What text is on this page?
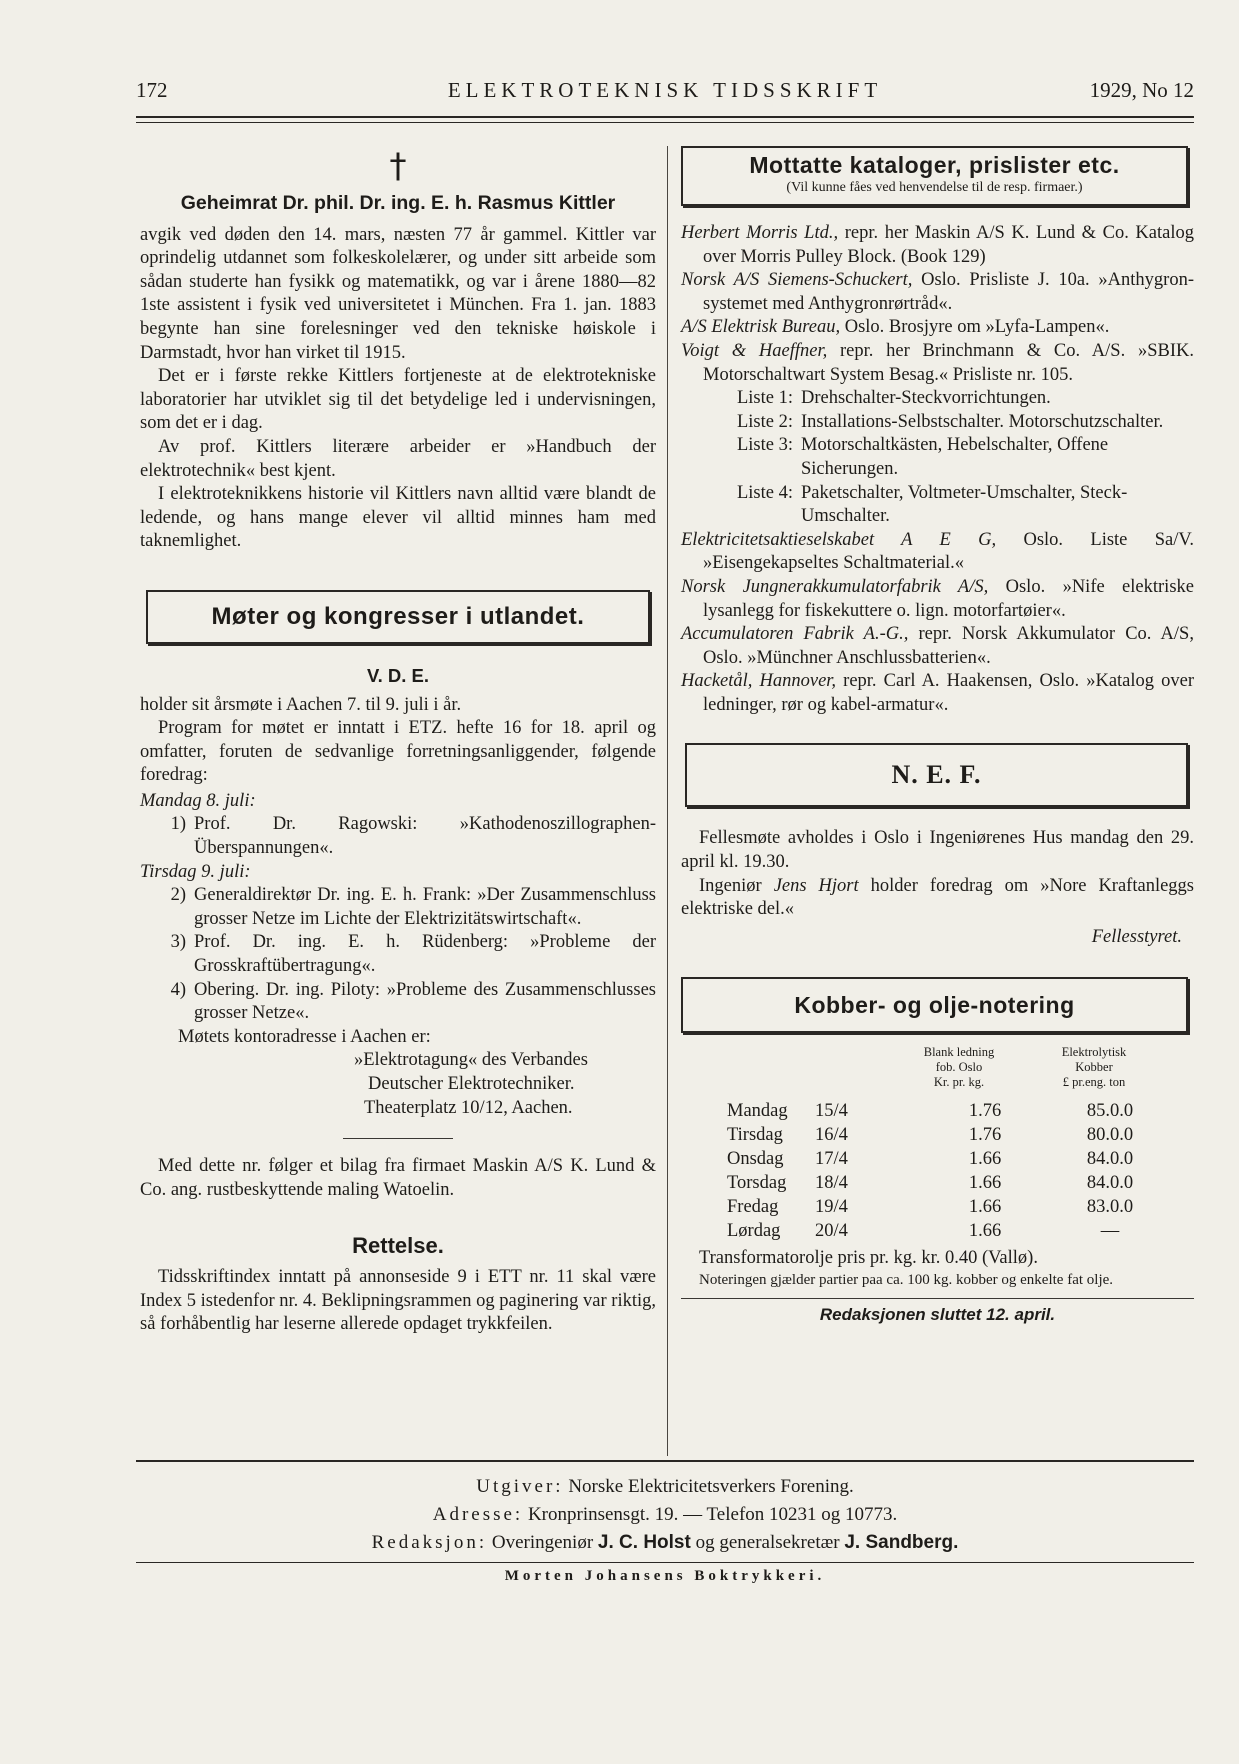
172	ELEKTROTEKNISK TIDSSKRIFT	1929, No 12
†
Geheimrat Dr. phil. Dr. ing. E. h. Rasmus Kittler

avgik ved døden den 14. mars, næsten 77 år gammel. Kittler var oprindelig utdannet som folkeskolelærer, og under sitt arbeide som sådan studerte han fysikk og matematikk, og var i årene 1880—82 1ste assistent i fysik ved universitetet i München. Fra 1. jan. 1883 begynte han sine forelesninger ved den tekniske høiskole i Darmstadt, hvor han virket til 1915.

Det er i første rekke Kittlers fortjeneste at de elektrotekniske laboratorier har utviklet sig til det betydelige led i undervisningen, som det er i dag.

Av prof. Kittlers literære arbeider er »Handbuch der elektrotechnik« best kjent.

I elektroteknikkens historie vil Kittlers navn alltid være blandt de ledende, og hans mange elever vil alltid minnes ham med taknemlighet.

Møter og kongresser i utlandet.
V. D. E.

holder sit årsmøte i Aachen 7. til 9. juli i år.

Program for møtet er inntatt i ETZ. hefte 16 for 18. april og omfatter, foruten de sedvanlige forretningsanliggender, følgende foredrag:

Mandag 8. juli:

1) Prof. Dr. Ragowski: »Kathodenoszillographen-Überspannungen«.

Tirsdag 9. juli:

2) Generaldirektør Dr. ing. E. h. Frank: »Der Zusammenschluss grosser Netze im Lichte der Elektrizitätswirtschaft«.
3) Prof. Dr. ing. E. h. Rüdenberg: »Probleme der Grosskraftübertragung«.
4) Obering. Dr. ing. Piloty: »Probleme des Zusammenschlusses grosser Netze«.

Møtets kontoradresse i Aachen er:

»Elektrotagung« des Verbandes
Deutscher Elektrotechniker.
Theaterplatz 10/12, Aachen.

Med dette nr. følger et bilag fra firmaet Maskin A/S K. Lund & Co. ang. rustbeskyttende maling Watoelin.

Rettelse.

Tidsskriftindex inntatt på annonseside 9 i ETT nr. 11 skal være Index 5 istedenfor nr. 4. Beklipningsrammen og paginering var riktig, så forhåbentlig har leserne allerede opdaget trykkfeilen.

Mottatte kataloger, prislister etc.
(Vil kunne fåes ved henvendelse til de resp. firmaer.)

Herbert Morris Ltd., repr. her Maskin A/S K. Lund & Co. Katalog over Morris Pulley Block. (Book 129)

Norsk A/S Siemens-Schuckert, Oslo. Prisliste J. 10a. »Anthygron-systemet med Anthygronrørtråd«.

A/S Elektrisk Bureau, Oslo. Brosjyre om »Lyfa-Lampen«.

Voigt & Haeffner, repr. her Brinchmann & Co. A/S. »SBIK. Motorschaltwart System Besag.« Prisliste nr. 105.

Liste 1: Drehschalter-Steckvorrichtungen.
Liste 2: Installations-Selbstschalter. Motorschutzschalter.
Liste 3: Motorschaltkästen, Hebelschalter, Offene Sicherungen.
Liste 4: Paketschalter, Voltmeter-Umschalter, Steck-Umschalter.

Elektricitetsaktieselskabet A E G, Oslo. Liste Sa/V. »Eisengekapseltes Schaltmaterial.«

Norsk Jungnerakkumulatorfabrik A/S, Oslo. »Nife elektriske lysanlegg for fiskekuttere o. lign. motorfartøier«.

Accumulatoren Fabrik A.-G., repr. Norsk Akkumulator Co. A/S, Oslo. »Münchner Anschlussbatterien«.

Hacketål, Hannover, repr. Carl A. Haakensen, Oslo. »Katalog over ledninger, rør og kabel-armatur«.

N. E. F.

Fellesmøte avholdes i Oslo i Ingeniørenes Hus mandag den 29. april kl. 19.30.

Ingeniør Jens Hjort holder foredrag om »Nore Kraftanleggs elektriske del.«

Fellesstyret.

Kobber- og olje-notering
Blank ledning
fob. Oslo
Kr. pr. kg.
Elektrolytisk
Kobber
£ pr.eng. ton
Mandag	15/4	1.76	85.0.0
Tirsdag	16/4	1.76	80.0.0
Onsdag	17/4	1.66	84.0.0
Torsdag	18/4	1.66	84.0.0
Fredag	19/4	1.66	83.0.0
Lørdag	20/4	1.66	—

Transformatorolje pris pr. kg. kr. 0.40 (Vallø).

Noteringen gjælder partier paa ca. 100 kg. kobber og enkelte fat olje.

Redaksjonen sluttet 12. april.
Utgiver: Norske Elektricitetsverkers Forening.
Adresse: Kronprinsensgt. 19. — Telefon 10231 og 10773.
Redaksjon: Overingeniør J. C. Holst og generalsekretær J. Sandberg.
Morten Johansens Boktrykkeri.
